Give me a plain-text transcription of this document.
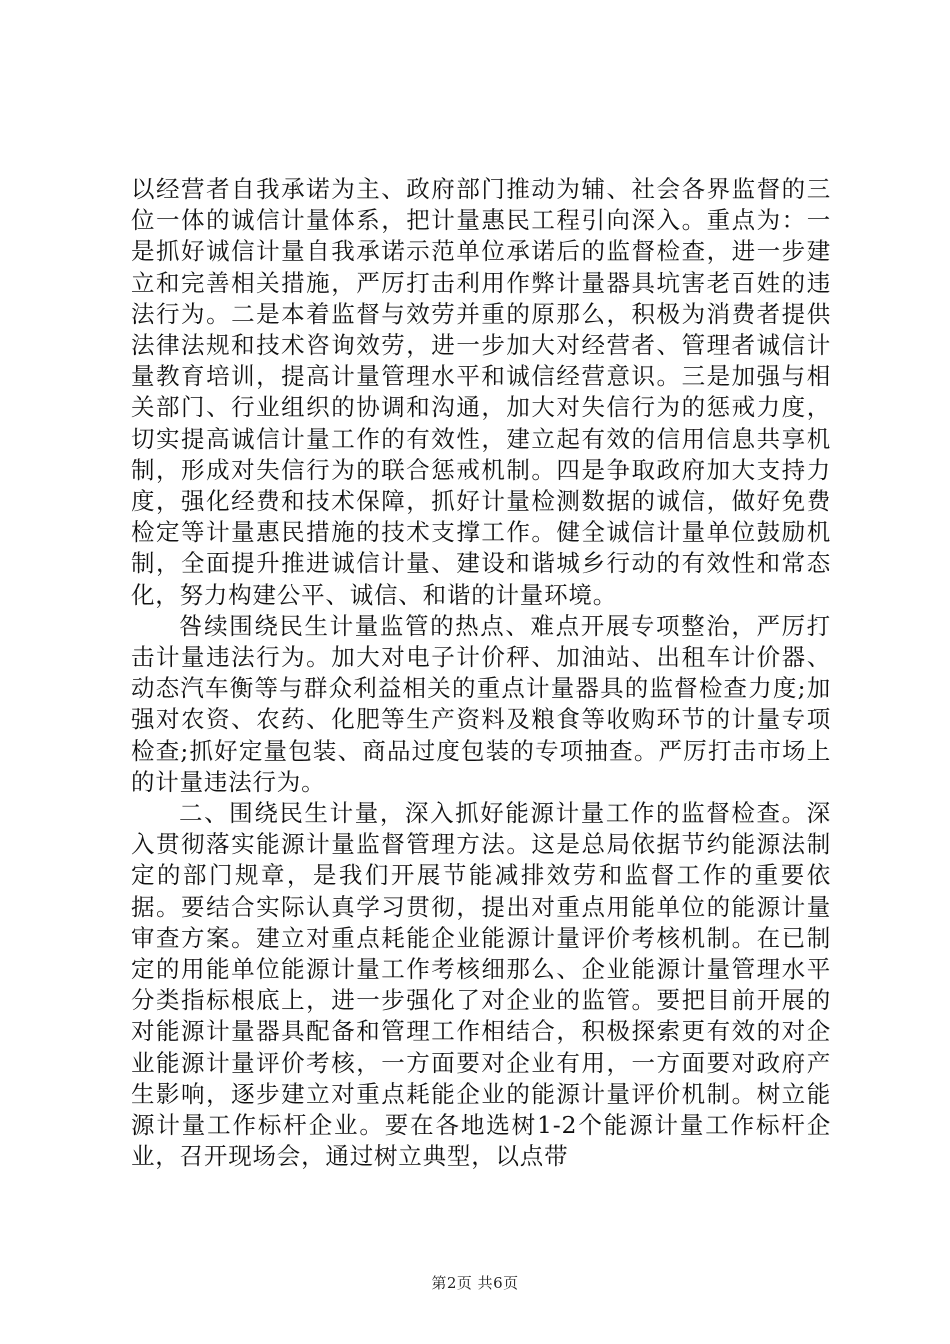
以经营者自我承诺为主、政府部门推动为辅、社会各界监督的三位一体的诚信计量体系，把计量惠民工程引向深入。重点为：一是抓好诚信计量自我承诺示范单位承诺后的监督检查，进一步建立和完善相关措施，严厉打击利用作弊计量器具坑害老百姓的违法行为。二是本着监督与效劳并重的原那么，积极为消费者提供法律法规和技术咨询效劳，进一步加大对经营者、管理者诚信计量教育培训，提高计量管理水平和诚信经营意识。三是加强与相关部门、行业组织的协调和沟通，加大对失信行为的惩戒力度，切实提高诚信计量工作的有效性，建立起有效的信用信息共享机制，形成对失信行为的联合惩戒机制。四是争取政府加大支持力度，强化经费和技术保障，抓好计量检测数据的诚信，做好免费检定等计量惠民措施的技术支撑工作。健全诚信计量单位鼓励机制，全面提升推进诚信计量、建设和谐城乡行动的有效性和常态化，努力构建公平、诚信、和谐的计量环境。

咎续围绕民生计量监管的热点、难点开展专项整治，严厉打击计量违法行为。加大对电子计价秤、加油站、出租车计价器、动态汽车衡等与群众利益相关的重点计量器具的监督检查力度;加强对农资、农药、化肥等生产资料及粮食等收购环节的计量专项检查;抓好定量包装、商品过度包装的专项抽查。严厉打击市场上的计量违法行为。

二、围绕民生计量，深入抓好能源计量工作的监督检查。深入贯彻落实能源计量监督管理方法。这是总局依据节约能源法制定的部门规章，是我们开展节能减排效劳和监督工作的重要依据。要结合实际认真学习贯彻，提出对重点用能单位的能源计量审查方案。建立对重点耗能企业能源计量评价考核机制。在已制定的用能单位能源计量工作考核细那么、企业能源计量管理水平分类指标根底上，进一步强化了对企业的监管。要把目前开展的对能源计量器具配备和管理工作相结合，积极探索更有效的对企业能源计量评价考核，一方面要对企业有用，一方面要对政府产生影响，逐步建立对重点耗能企业的能源计量评价机制。树立能源计量工作标杆企业。要在各地选树1-2个能源计量工作标杆企业，召开现场会，通过树立典型，以点带

第2页 共6页
